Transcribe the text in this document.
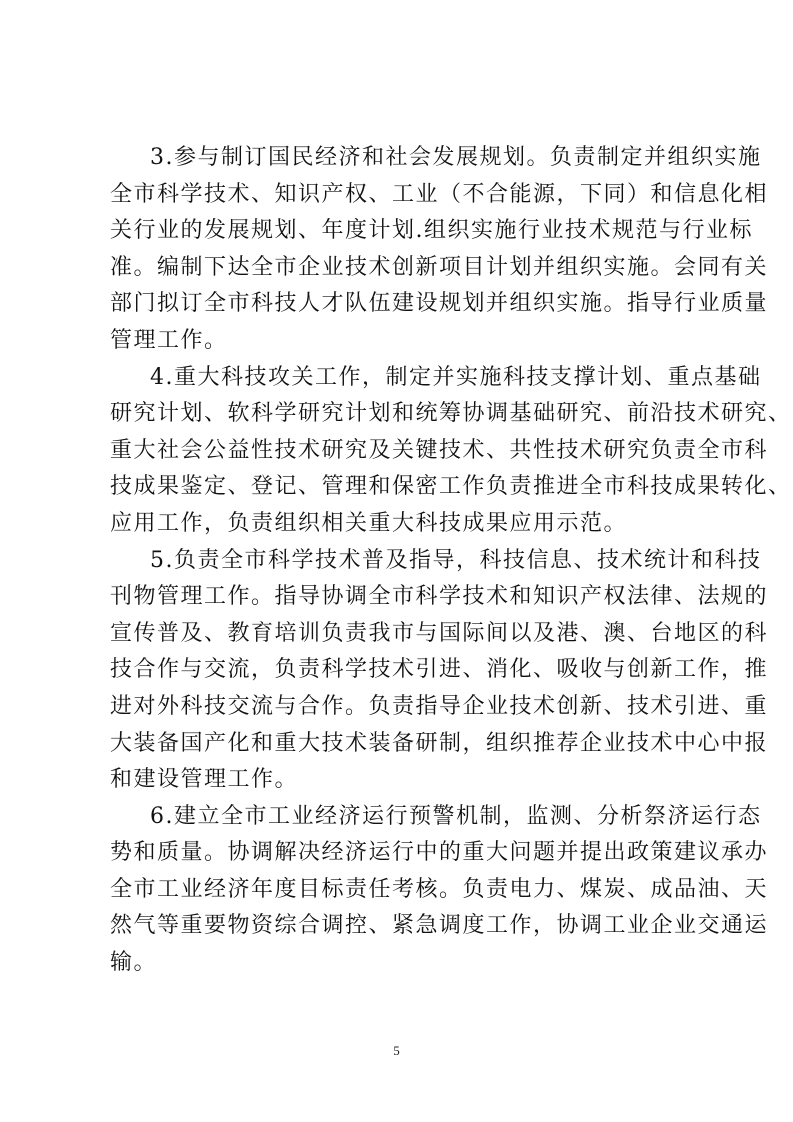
3.参与制订国民经济和社会发展规划。负责制定并组织实施
全市科学技术、知识产权、工业（不合能源，下同）和信息化相
关行业的发展规划、年度计划.组织实施行业技术规范与行业标
准。编制下达全市企业技术创新项目计划并组织实施。会同有关
部门拟订全市科技人才队伍建设规划并组织实施。指导行业质量
管理工作。

4.重大科技攻关工作，制定并实施科技支撑计划、重点基础
研究计划、软科学研究计划和统筹协调基础研究、前沿技术研究、
重大社会公益性技术研究及关键技术、共性技术研究负责全市科
技成果鉴定、登记、管理和保密工作负责推进全市科技成果转化、
应用工作，负责组织相关重大科技成果应用示范。

5.负责全市科学技术普及指导，科技信息、技术统计和科技
刊物管理工作。指导协调全市科学技术和知识产权法律、法规的
宣传普及、教育培训负责我市与国际间以及港、澳、台地区的科
技合作与交流，负责科学技术引进、消化、吸收与创新工作，推
进对外科技交流与合作。负责指导企业技术创新、技术引进、重
大装备国产化和重大技术装备研制，组织推荐企业技术中心中报
和建设管理工作。

6.建立全市工业经济运行预警机制，监测、分析祭济运行态
势和质量。协调解决经济运行中的重大问题并提出政策建议承办
全市工业经济年度目标责任考核。负责电力、煤炭、成品油、天
然气等重要物资综合调控、紧急调度工作，协调工业企业交通运
输。

5
